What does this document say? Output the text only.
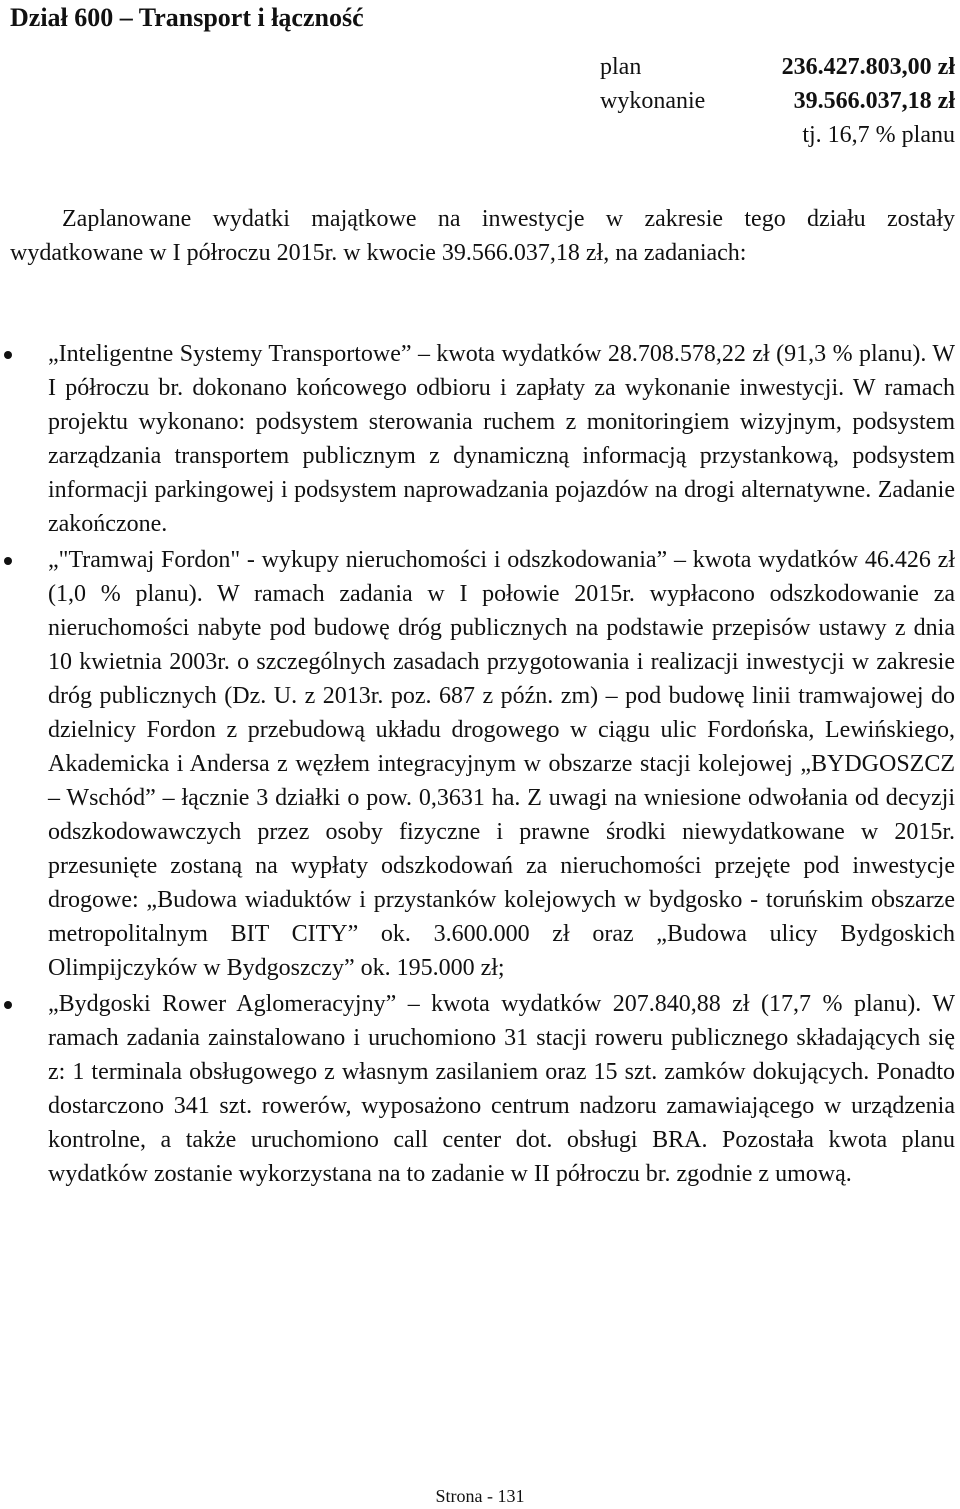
Dział 600 – Transport i łączność
plan	236.427.803,00 zł
wykonanie	39.566.037,18 zł
tj. 16,7 % planu
Zaplanowane wydatki majątkowe na inwestycje w zakresie tego działu zostały wydatkowane w I półroczu 2015r. w kwocie 39.566.037,18 zł, na zadaniach:
„Inteligentne Systemy Transportowe” – kwota wydatków 28.708.578,22 zł (91,3 % planu). W I półroczu br. dokonano końcowego odbioru i zapłaty za wykonanie inwestycji. W ramach projektu wykonano: podsystem sterowania ruchem z monitoringiem wizyjnym, podsystem zarządzania transportem publicznym z dynamiczną informacją przystankową, podsystem informacji parkingowej i podsystem naprowadzania pojazdów na drogi alternatywne. Zadanie zakończone.
„"Tramwaj Fordon" - wykupy nieruchomości i odszkodowania” – kwota wydatków 46.426 zł (1,0 % planu). W ramach zadania w I połowie 2015r. wypłacono odszkodowanie za nieruchomości nabyte pod budowę dróg publicznych na podstawie przepisów ustawy z dnia 10 kwietnia 2003r. o szczególnych zasadach przygotowania i realizacji inwestycji w zakresie dróg publicznych (Dz. U. z 2013r. poz. 687 z późn. zm) – pod budowę linii tramwajowej do dzielnicy Fordon z przebudową układu drogowego w ciągu ulic Fordońska, Lewińskiego, Akademicka i Andersa z węzłem integracyjnym w obszarze stacji kolejowej „BYDGOSZCZ – Wschód” – łącznie 3 działki o pow. 0,3631 ha. Z uwagi na wniesione odwołania od decyzji odszkodowawczych przez osoby fizyczne i prawne środki niewydatkowane w 2015r. przesunięte zostaną na wypłaty odszkodowań za nieruchomości przejęte pod inwestycje drogowe: „Budowa wiaduktów i przystanków kolejowych w bydgosko - toruńskim obszarze metropolitalnym BIT CITY” ok. 3.600.000 zł oraz „Budowa ulicy Bydgoskich Olimpijczyków w Bydgoszczy” ok. 195.000 zł;
„Bydgoski Rower Aglomeracyjny” – kwota wydatków 207.840,88 zł (17,7 % planu). W ramach zadania zainstalowano i uruchomiono 31 stacji roweru publicznego składających się z: 1 terminala obsługowego z własnym zasilaniem oraz 15 szt. zamków dokujących. Ponadto dostarczono 341 szt. rowerów, wyposażono centrum nadzoru zamawiającego w urządzenia kontrolne, a także uruchomiono call center dot. obsługi BRA. Pozostała kwota planu wydatków zostanie wykorzystana na to zadanie w II półroczu br. zgodnie z umową.
Strona - 131
